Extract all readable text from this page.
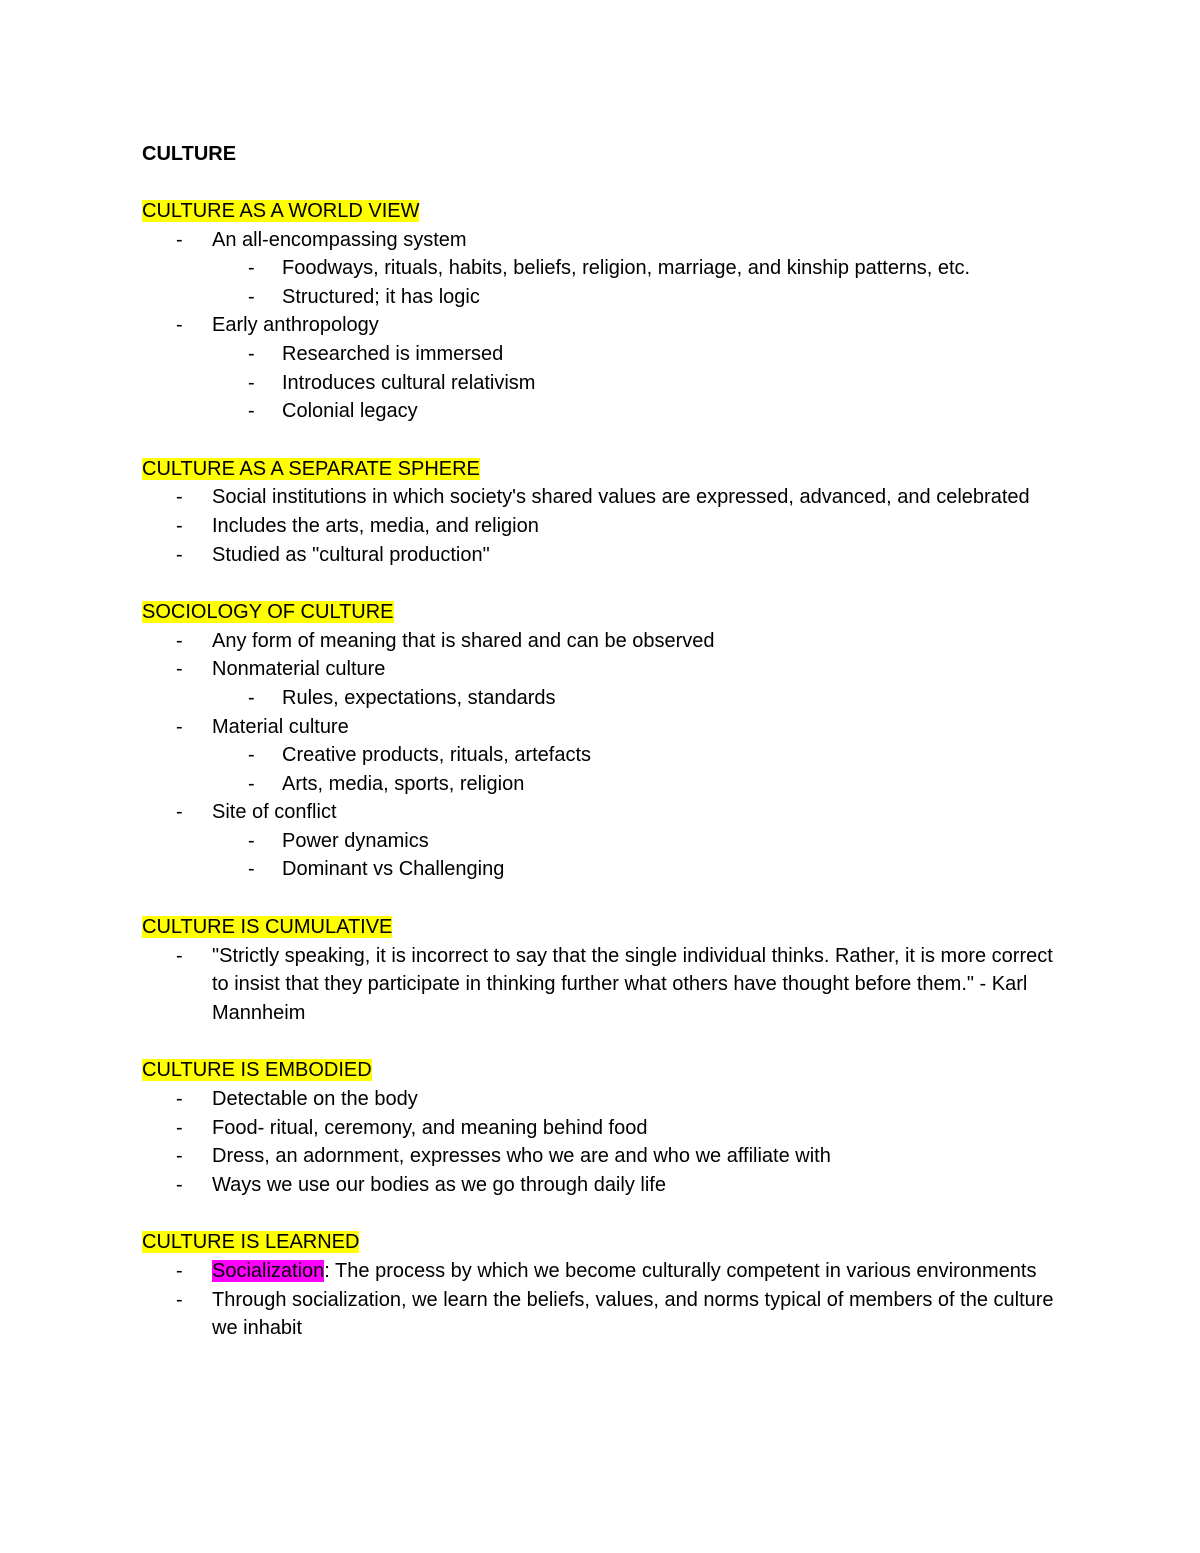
CULTURE
CULTURE AS A WORLD VIEW
- An all-encompassing system
- Foodways, rituals, habits, beliefs, religion, marriage, and kinship patterns, etc.
- Structured; it has logic
- Early anthropology
- Researched is immersed
- Introduces cultural relativism
- Colonial legacy
CULTURE AS A SEPARATE SPHERE
- Social institutions in which society's shared values are expressed, advanced, and celebrated
- Includes the arts, media, and religion
- Studied as "cultural production"
SOCIOLOGY OF CULTURE
- Any form of meaning that is shared and can be observed
- Nonmaterial culture
- Rules, expectations, standards
- Material culture
- Creative products, rituals, artefacts
- Arts, media, sports, religion
- Site of conflict
- Power dynamics
- Dominant vs Challenging
CULTURE IS CUMULATIVE
- "Strictly speaking, it is incorrect to say that the single individual thinks. Rather, it is more correct to insist that they participate in thinking further what others have thought before them." - Karl Mannheim
CULTURE IS EMBODIED
- Detectable on the body
- Food- ritual, ceremony, and meaning behind food
- Dress, an adornment, expresses who we are and who we affiliate with
- Ways we use our bodies as we go through daily life
CULTURE IS LEARNED
- Socialization: The process by which we become culturally competent in various environments
- Through socialization, we learn the beliefs, values, and norms typical of members of the culture we inhabit
